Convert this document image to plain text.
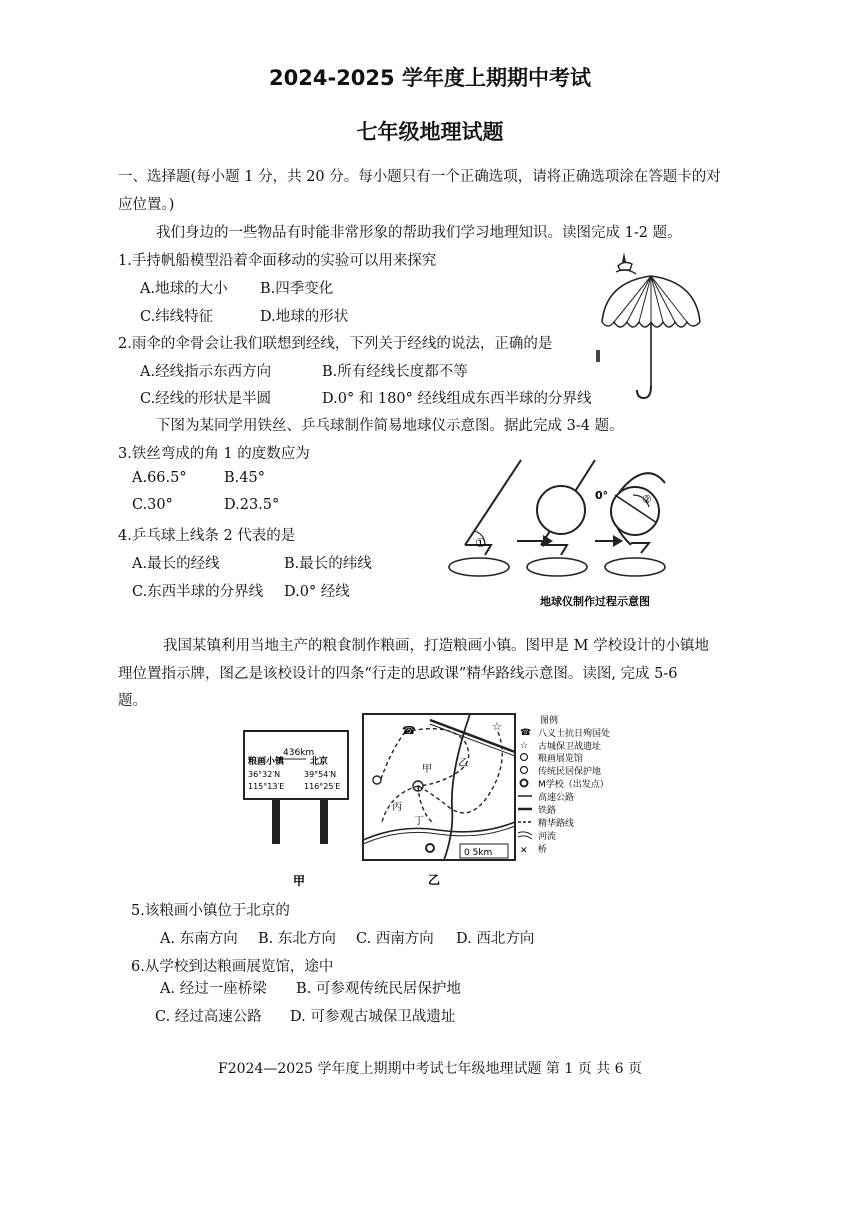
2024-2025 学年度上期期中考试
七年级地理试题
一、选择题(每小题 1 分，共 20 分。每小题只有一个正确选项，请将正确选项涂在答题卡的对
应位置。)
我们身边的一些物品有时能非常形象的帮助我们学习地理知识。读图完成 1-2 题。
1.手持帆船模型沿着伞面移动的实验可以用来探究
A.地球的大小 B.四季变化
C.纬线特征	D.地球的形状
2.雨伞的伞骨会让我们联想到经线，下列关于经线的说法，正确的是
A.经线指示东西方向	B.所有经线长度都不等
C.经线的形状是半圆	D.0° 和 180° 经线组成东西半球的分界线
下图为某同学用铁丝、乒乓球制作简易地球仪示意图。据此完成 3-4 题。
3.铁丝弯成的角 1 的度数应为
A.66.5°	B.45°
C.30°	D.23.5°
4.乒乓球上线条 2 代表的是
A.最长的经线	B.最长的纬线
C.东西半球的分界线 D.0° 经线
①
②
0°
地球仪制作过程示意图
我国某镇利用当地主产的粮食制作粮画，打造粮画小镇。图甲是 M 学校设计的小镇地
理位置指示牌，图乙是该校设计的四条“行走的思政课”精华路线示意图。读图, 完成 5-6
题。
436km
粮画小镇	北京
36°32′N	39°54′N
115°13′E 116°25′E
甲
☎	☆
甲
乙
丙
丁
0 5km
图例
☎
☆
✕
八义士抗日殉国处
古城保卫战遗址
粮画展览馆
传统民居保护地
M学校（出发点）
高速公路
铁路
精华路线
河流
桥
乙
5.该粮画小镇位于北京的
A. 东南方向 B. 东北方向 C. 西南方向 D. 西北方向
6.从学校到达粮画展览馆，途中
A. 经过一座桥梁 B. 可参观传统民居保护地
C. 经过高速公路 D. 可参观古城保卫战遗址
F2024—2025 学年度上期期中考试七年级地理试题 第 1 页 共 6 页
